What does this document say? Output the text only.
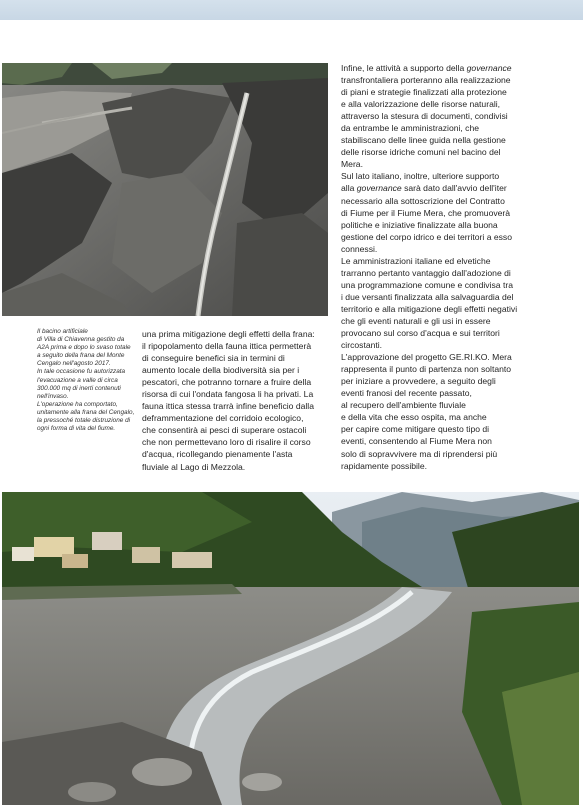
Il bacino artificiale
di Villa di Chiavenna gestito da
A2A prima e dopo lo svaso totale
a seguito della frana del Monte
Cengalo nell'agosto 2017.
In tale occasione fu autorizzata
l'evacuazione a valle di circa
300.000 mq di inerti contenuti
nell'invaso.
L'operazione ha comportato,
unitamente alla frana del Cengalo,
la pressoché totale distruzione di
ogni forma di vita del fiume.
una prima mitigazione degli effetti della frana:
il ripopolamento della fauna ittica permetterà
di conseguire benefici sia in termini di
aumento locale della biodiversità sia per i
pescatori, che potranno tornare a fruire della
risorsa di cui l'ondata fangosa li ha privati. La
fauna ittica stessa trarrà infine beneficio dalla
deframmentazione del corridoio ecologico,
che consentirà ai pesci di superare ostacoli
che non permettevano loro di risalire il corso
d'acqua, ricollegando pienamente l'asta
fluviale al Lago di Mezzola.
Infine, le attività a supporto della governance
transfrontaliera porteranno alla realizzazione
di piani e strategie finalizzati alla protezione
e alla valorizzazione delle risorse naturali,
attraverso la stesura di documenti, condivisi
da entrambe le amministrazioni, che
stabiliscano delle linee guida nella gestione
delle risorse idriche comuni nel bacino del
Mera.
Sul lato italiano, inoltre, ulteriore supporto
alla governance sarà dato dall'avvio dell'iter
necessario alla sottoscrizione del Contratto
di Fiume per il Fiume Mera, che promuoverà
politiche e iniziative finalizzate alla buona
gestione del corpo idrico e dei territori a esso
connessi.
Le amministrazioni italiane ed elvetiche
trarranno pertanto vantaggio dall'adozione di
una programmazione comune e condivisa tra
i due versanti finalizzata alla salvaguardia del
territorio e alla mitigazione degli effetti negativi
che gli eventi naturali e gli usi in essere
provocano sul corso d'acqua e sui territori
circostanti.
L'approvazione del progetto GE.RI.KO. Mera
rappresenta il punto di partenza non soltanto
per iniziare a provvedere, a seguito degli
eventi franosi del recente passato,
al recupero dell'ambiente fluviale
e della vita che esso ospita, ma anche
per capire come mitigare questo tipo di
eventi, consentendo al Fiume Mera non
solo di sopravvivere ma di riprendersi più
rapidamente possibile.
